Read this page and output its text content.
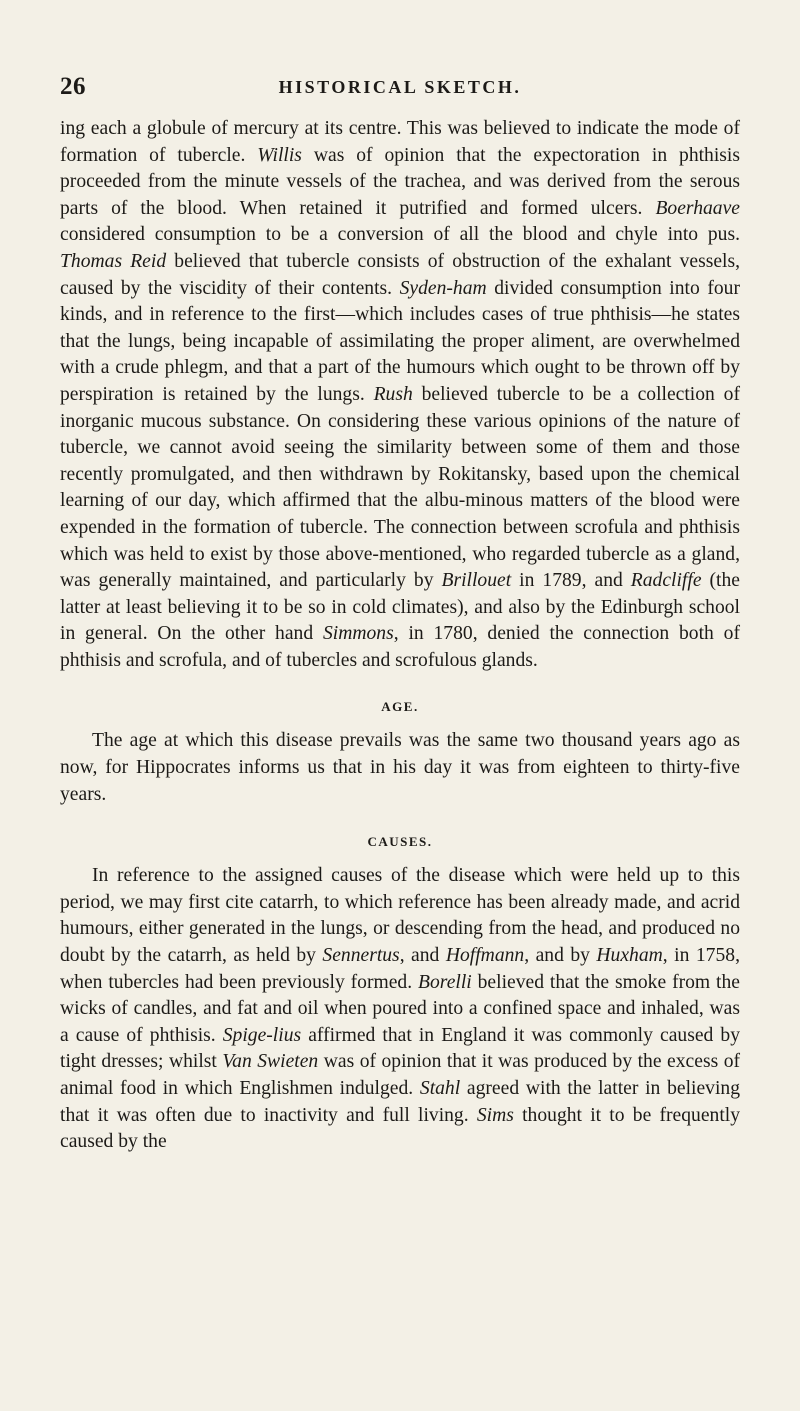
26	HISTORICAL SKETCH.

ing each a globule of mercury at its centre. This was believed to indicate the mode of formation of tubercle. Willis was of opinion that the expectoration in phthisis proceeded from the minute vessels of the trachea, and was derived from the serous parts of the blood. When retained it putrified and formed ulcers. Boerhaave considered consumption to be a conversion of all the blood and chyle into pus. Thomas Reid believed that tubercle consists of obstruction of the exhalant vessels, caused by the viscidity of their contents. Syden-ham divided consumption into four kinds, and in reference to the first—which includes cases of true phthisis—he states that the lungs, being incapable of assimilating the proper aliment, are overwhelmed with a crude phlegm, and that a part of the humours which ought to be thrown off by perspiration is retained by the lungs. Rush believed tubercle to be a collection of inorganic mucous substance. On considering these various opinions of the nature of tubercle, we cannot avoid seeing the similarity between some of them and those recently promulgated, and then withdrawn by Rokitansky, based upon the chemical learning of our day, which affirmed that the albu-minous matters of the blood were expended in the formation of tubercle. The connection between scrofula and phthisis which was held to exist by those above-mentioned, who regarded tubercle as a gland, was generally maintained, and particularly by Brillouet in 1789, and Radcliffe (the latter at least believing it to be so in cold climates), and also by the Edinburgh school in general. On the other hand Simmons, in 1780, denied the connection both of phthisis and scrofula, and of tubercles and scrofulous glands.

AGE.

The age at which this disease prevails was the same two thousand years ago as now, for Hippocrates informs us that in his day it was from eighteen to thirty-five years.

CAUSES.

In reference to the assigned causes of the disease which were held up to this period, we may first cite catarrh, to which reference has been already made, and acrid humours, either generated in the lungs, or descending from the head, and produced no doubt by the catarrh, as held by Sennertus, and Hoffmann, and by Huxham, in 1758, when tubercles had been previously formed. Borelli believed that the smoke from the wicks of candles, and fat and oil when poured into a confined space and inhaled, was a cause of phthisis. Spige-lius affirmed that in England it was commonly caused by tight dresses; whilst Van Swieten was of opinion that it was produced by the excess of animal food in which Englishmen indulged. Stahl agreed with the latter in believing that it was often due to inactivity and full living. Sims thought it to be frequently caused by the
